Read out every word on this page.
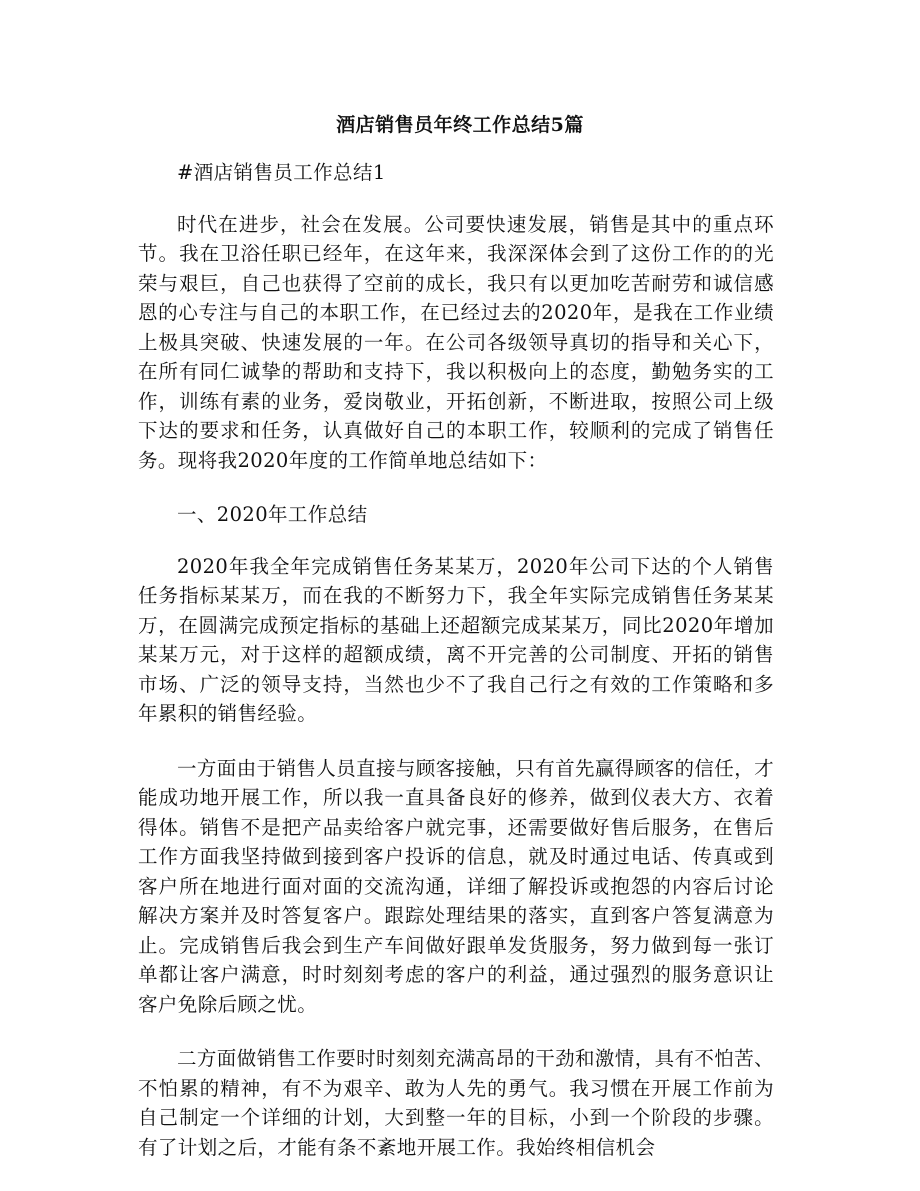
酒店销售员年终工作总结5篇

#酒店销售员工作总结1

时代在进步，社会在发展。公司要快速发展，销售是其中的重点环节。我在卫浴任职已经年，在这年来，我深深体会到了这份工作的的光荣与艰巨，自己也获得了空前的成长，我只有以更加吃苦耐劳和诚信感恩的心专注与自己的本职工作，在已经过去的2020年，是我在工作业绩上极具突破、快速发展的一年。在公司各级领导真切的指导和关心下，在所有同仁诚挚的帮助和支持下，我以积极向上的态度，勤勉务实的工作，训练有素的业务，爱岗敬业，开拓创新，不断进取，按照公司上级下达的要求和任务，认真做好自己的本职工作，较顺利的完成了销售任务。现将我2020年度的工作简单地总结如下：

一、2020年工作总结

2020年我全年完成销售任务某某万，2020年公司下达的个人销售任务指标某某万，而在我的不断努力下，我全年实际完成销售任务某某万，在圆满完成预定指标的基础上还超额完成某某万，同比2020年增加某某万元，对于这样的超额成绩，离不开完善的公司制度、开拓的销售市场、广泛的领导支持，当然也少不了我自己行之有效的工作策略和多年累积的销售经验。

一方面由于销售人员直接与顾客接触，只有首先赢得顾客的信任，才能成功地开展工作，所以我一直具备良好的修养，做到仪表大方、衣着得体。销售不是把产品卖给客户就完事，还需要做好售后服务，在售后工作方面我坚持做到接到客户投诉的信息，就及时通过电话、传真或到客户所在地进行面对面的交流沟通，详细了解投诉或抱怨的内容后讨论解决方案并及时答复客户。跟踪处理结果的落实，直到客户答复满意为止。完成销售后我会到生产车间做好跟单发货服务，努力做到每一张订单都让客户满意，时时刻刻考虑的客户的利益，通过强烈的服务意识让客户免除后顾之忧。

二方面做销售工作要时时刻刻充满高昂的干劲和激情，具有不怕苦、不怕累的精神，有不为艰辛、敢为人先的勇气。我习惯在开展工作前为自己制定一个详细的计划，大到整一年的目标，小到一个阶段的步骤。有了计划之后，才能有条不紊地开展工作。我始终相信机会
